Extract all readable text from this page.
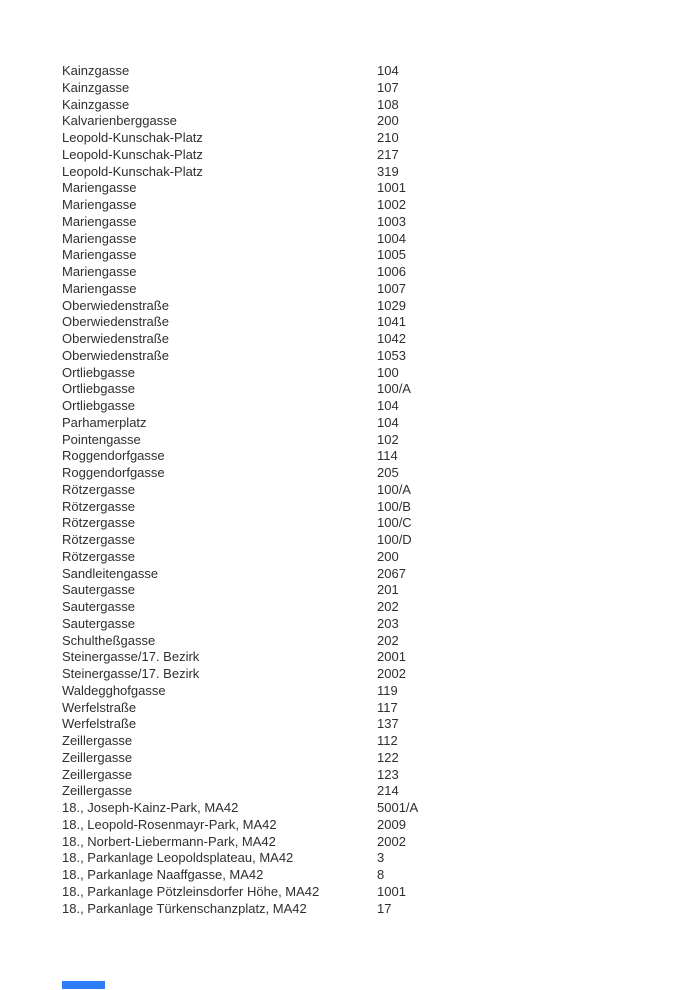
Kainzgasse	104
Kainzgasse	107
Kainzgasse	108
Kalvarienberggasse	200
Leopold-Kunschak-Platz	210
Leopold-Kunschak-Platz	217
Leopold-Kunschak-Platz	319
Mariengasse	1001
Mariengasse	1002
Mariengasse	1003
Mariengasse	1004
Mariengasse	1005
Mariengasse	1006
Mariengasse	1007
Oberwiedenstraße	1029
Oberwiedenstraße	1041
Oberwiedenstraße	1042
Oberwiedenstraße	1053
Ortliebgasse	100
Ortliebgasse	100/A
Ortliebgasse	104
Parhamerplatz	104
Pointengasse	102
Roggendorfgasse	114
Roggendorfgasse	205
Rötzergasse	100/A
Rötzergasse	100/B
Rötzergasse	100/C
Rötzergasse	100/D
Rötzergasse	200
Sandleitengasse	2067
Sautergasse	201
Sautergasse	202
Sautergasse	203
Schultheßgasse	202
Steinergasse/17. Bezirk	2001
Steinergasse/17. Bezirk	2002
Waldegghofgasse	119
Werfelstraße	117
Werfelstraße	137
Zeillergasse	112
Zeillergasse	122
Zeillergasse	123
Zeillergasse	214
18., Joseph-Kainz-Park, MA42	5001/A
18., Leopold-Rosenmayr-Park, MA42	2009
18., Norbert-Liebermann-Park, MA42	2002
18., Parkanlage Leopoldsplateau, MA42	3
18., Parkanlage Naaffgasse, MA42	8
18., Parkanlage Pötzleinsdorfer Höhe, MA42	1001
18., Parkanlage Türkenschanzplatz, MA42	17
